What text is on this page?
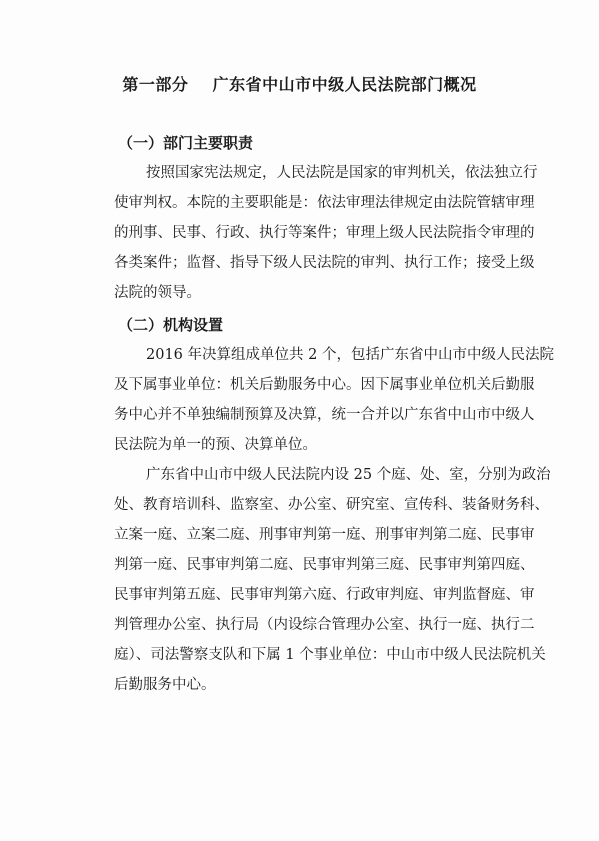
第一部分    广东省中山市中级人民法院部门概况
（一）部门主要职责
按照国家宪法规定，人民法院是国家的审判机关，依法独立行
使审判权。本院的主要职能是：依法审理法律规定由法院管辖审理
的刑事、民事、行政、执行等案件；审理上级人民法院指令审理的
各类案件；监督、指导下级人民法院的审判、执行工作；接受上级
法院的领导。
（二）机构设置
2016 年决算组成单位共 2 个，包括广东省中山市中级人民法院
及下属事业单位：机关后勤服务中心。因下属事业单位机关后勤服
务中心并不单独编制预算及决算，统一合并以广东省中山市中级人
民法院为单一的预、决算单位。
广东省中山市中级人民法院内设 25 个庭、处、室，分别为政治
处、教育培训科、监察室、办公室、研究室、宣传科、装备财务科、
立案一庭、立案二庭、刑事审判第一庭、刑事审判第二庭、民事审
判第一庭、民事审判第二庭、民事审判第三庭、民事审判第四庭、
民事审判第五庭、民事审判第六庭、行政审判庭、审判监督庭、审
判管理办公室、执行局（内设综合管理办公室、执行一庭、执行二
庭）、司法警察支队和下属 1 个事业单位：中山市中级人民法院机关
后勤服务中心。
